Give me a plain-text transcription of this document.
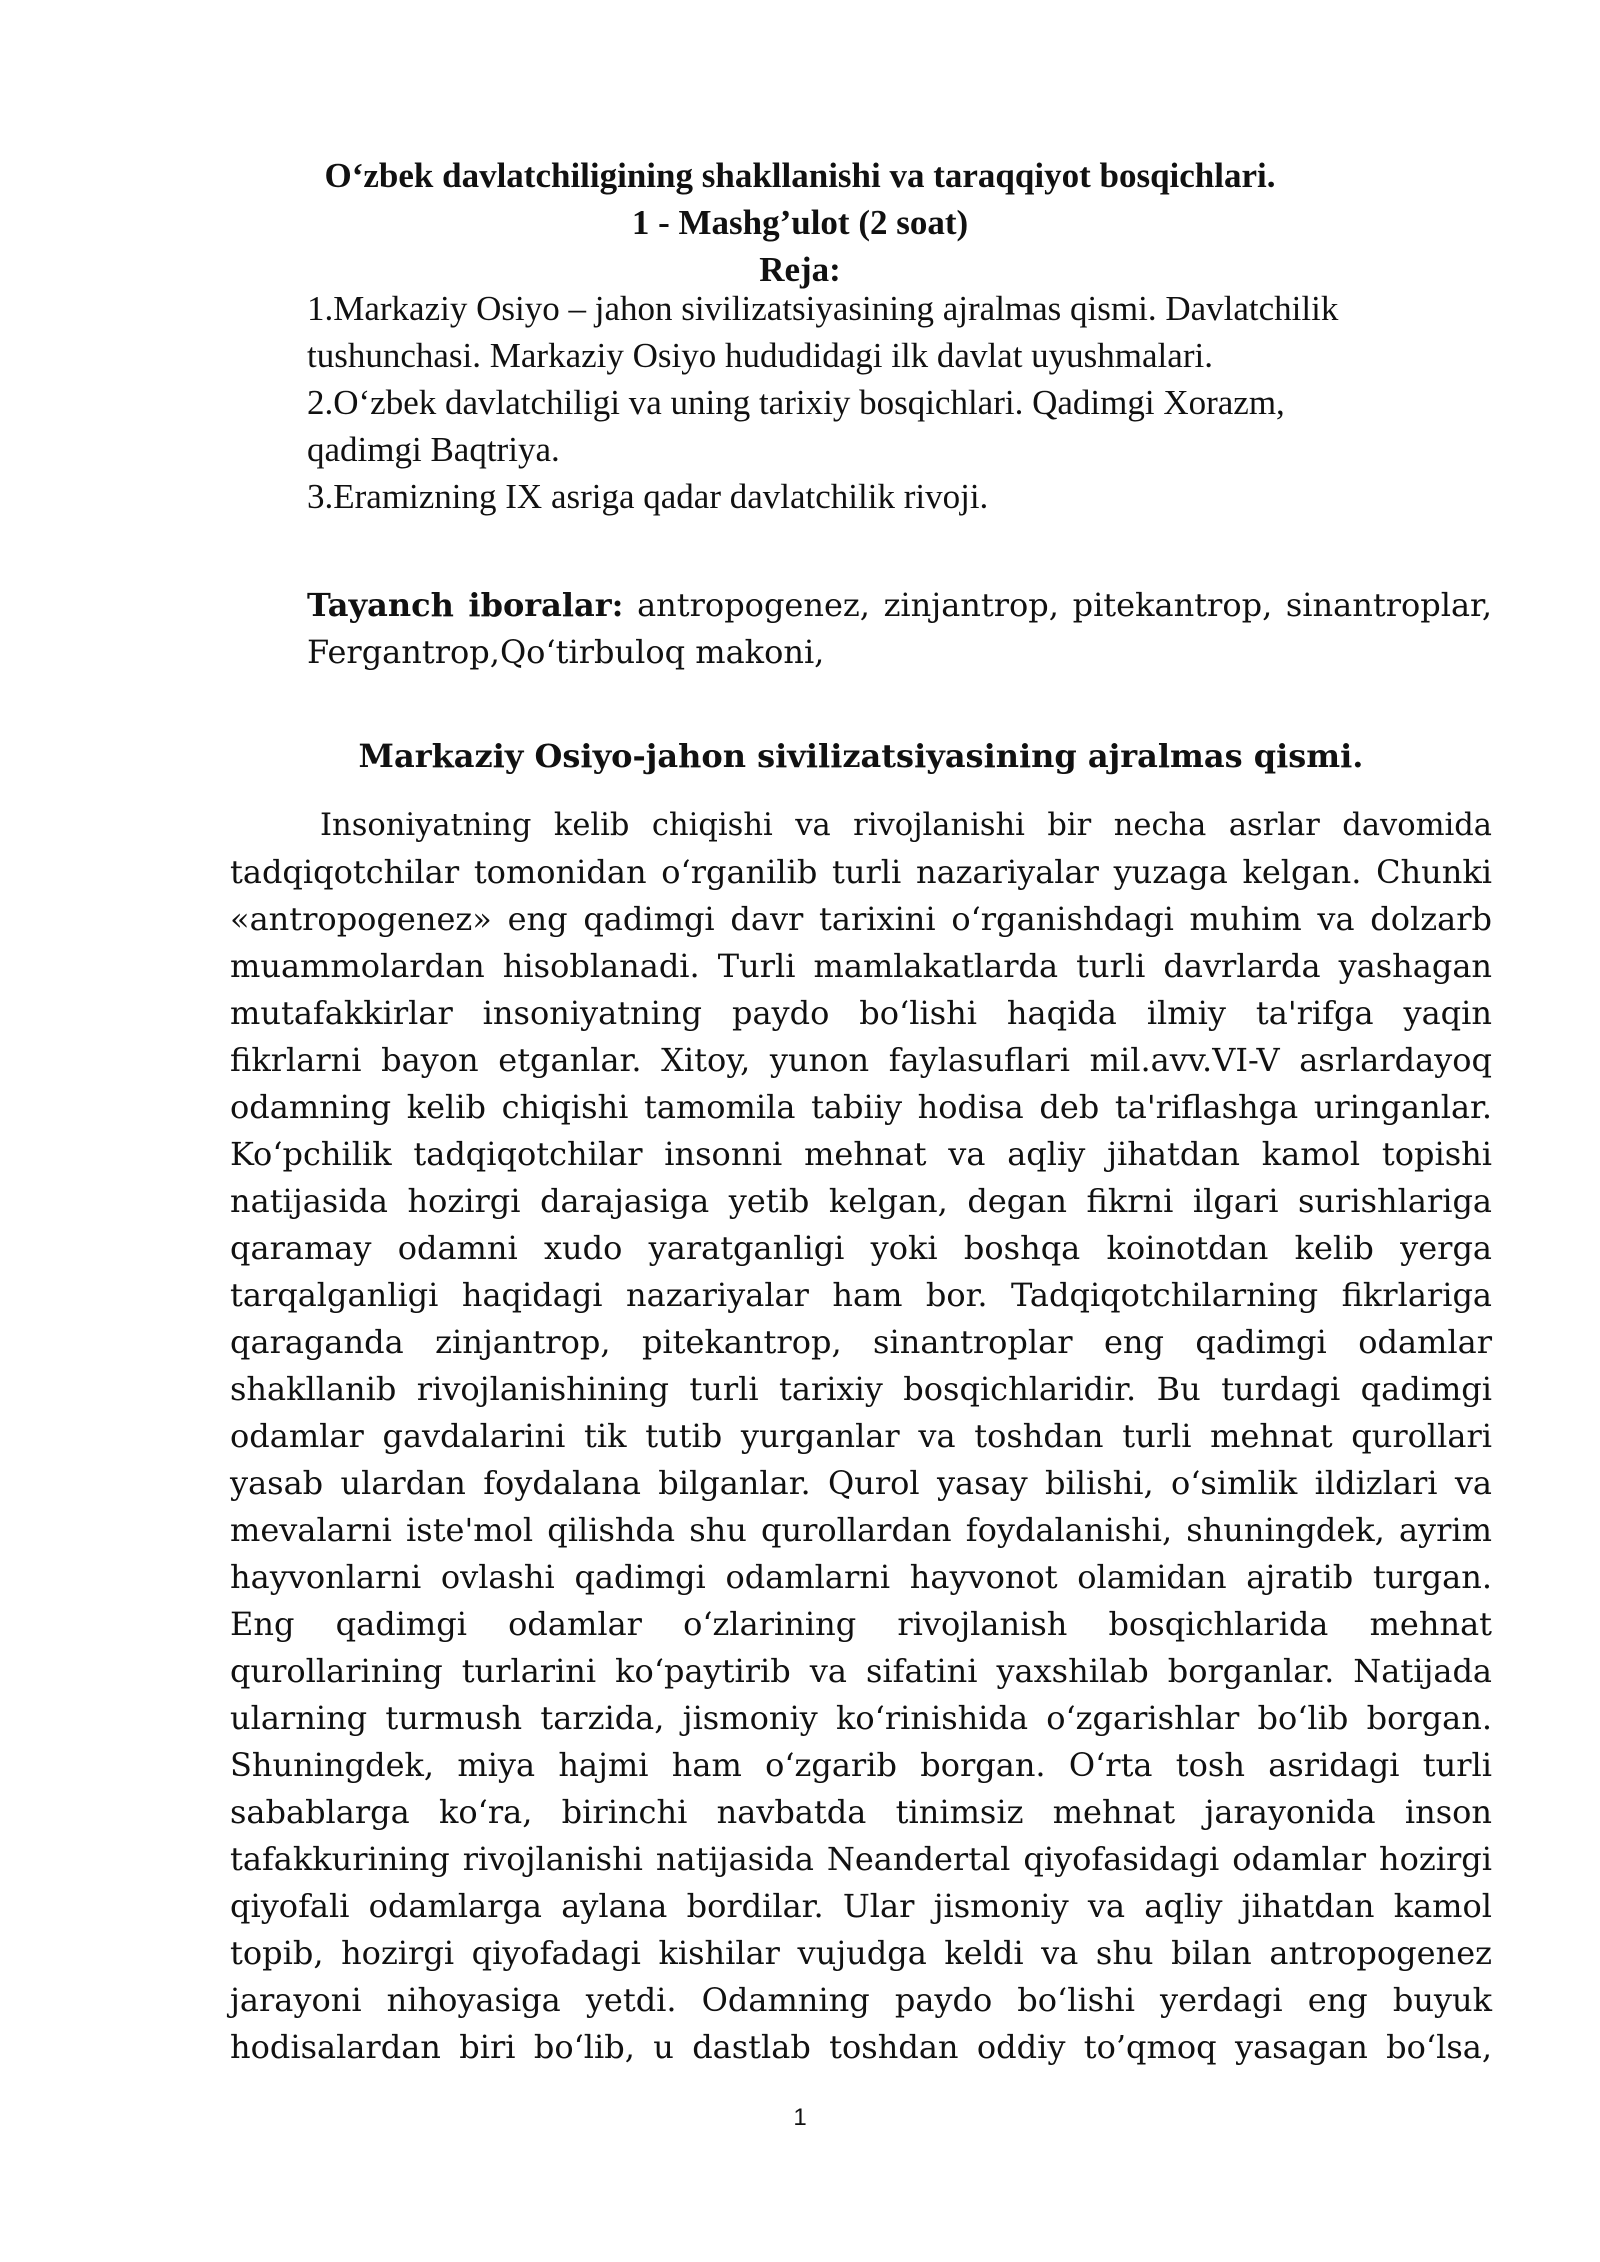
O‘zbek davlatchiligining shakllanishi va taraqqiyot bosqichlari.
1 - Mashg’ulot (2 soat)
Reja:
1.Markaziy Osiyo – jahon sivilizatsiyasining ajralmas qismi. Davlatchilik
tushunchasi. Markaziy Osiyo hududidagi ilk davlat uyushmalari.
2.O‘zbek davlatchiligi va uning tarixiy bosqichlari. Qadimgi Xorazm,
qadimgi Baqtriya.
3.Eramizning IX asriga qadar davlatchilik rivoji.
Tayanch iboralar: antropogenez, zinjantrop, pitekantrop, sinantroplar, Fergantrop,Qo‘tirbuloq makoni,
Markaziy Osiyo-jahon sivilizatsiyasining ajralmas qismi.
Insoniyatning kelib chiqishi va rivojlanishi bir necha asrlar davomida
tadqiqotchilar tomonidan o‘rganilib turli nazariyalar yuzaga kelgan. Chunki
«antropogenez» eng qadimgi davr tarixini o‘rganishdagi muhim va dolzarb
muammolardan hisoblanadi. Turli mamlakatlarda turli davrlarda yashagan
mutafakkirlar insoniyatning paydo bo‘lishi haqida ilmiy ta'rifga yaqin
fikrlarni bayon etganlar. Xitoy, yunon faylasuflari mil.avv.VI-V asrlardayoq
odamning kelib chiqishi tamomila tabiiy hodisa deb ta'riflashga uringanlar.
Ko‘pchilik tadqiqotchilar insonni mehnat va aqliy jihatdan kamol topishi
natijasida hozirgi darajasiga yetib kelgan, degan fikrni ilgari surishlariga
qaramay odamni xudo yaratganligi yoki boshqa koinotdan kelib yerga
tarqalganligi haqidagi nazariyalar ham bor. Tadqiqotchilarning fikrlariga
qaraganda zinjantrop, pitekantrop, sinantroplar eng qadimgi odamlar
shakllanib rivojlanishining turli tarixiy bosqichlaridir. Bu turdagi qadimgi
odamlar gavdalarini tik tutib yurganlar va toshdan turli mehnat qurollari
yasab ulardan foydalana bilganlar. Qurol yasay bilishi, o‘simlik ildizlari va
mevalarni iste'mol qilishda shu qurollardan foydalanishi, shuningdek, ayrim
hayvonlarni ovlashi qadimgi odamlarni hayvonot olamidan ajratib turgan.
Eng qadimgi odamlar o‘zlarining rivojlanish bosqichlarida mehnat
qurollarining turlarini ko‘paytirib va sifatini yaxshilab borganlar. Natijada
ularning turmush tarzida, jismoniy ko‘rinishida o‘zgarishlar bo‘lib borgan.
Shuningdek, miya hajmi ham o‘zgarib borgan. O‘rta tosh asridagi turli
sabablarga ko‘ra, birinchi navbatda tinimsiz mehnat jarayonida inson
tafakkurining rivojlanishi natijasida Neandertal qiyofasidagi odamlar hozirgi
qiyofali odamlarga aylana bordilar. Ular jismoniy va aqliy jihatdan kamol
topib, hozirgi qiyofadagi kishilar vujudga keldi va shu bilan antropogenez
jarayoni nihoyasiga yetdi. Odamning paydo bo‘lishi yerdagi eng buyuk
hodisalardan biri bo‘lib, u dastlab toshdan oddiy to’qmoq yasagan bo‘lsa,
1
